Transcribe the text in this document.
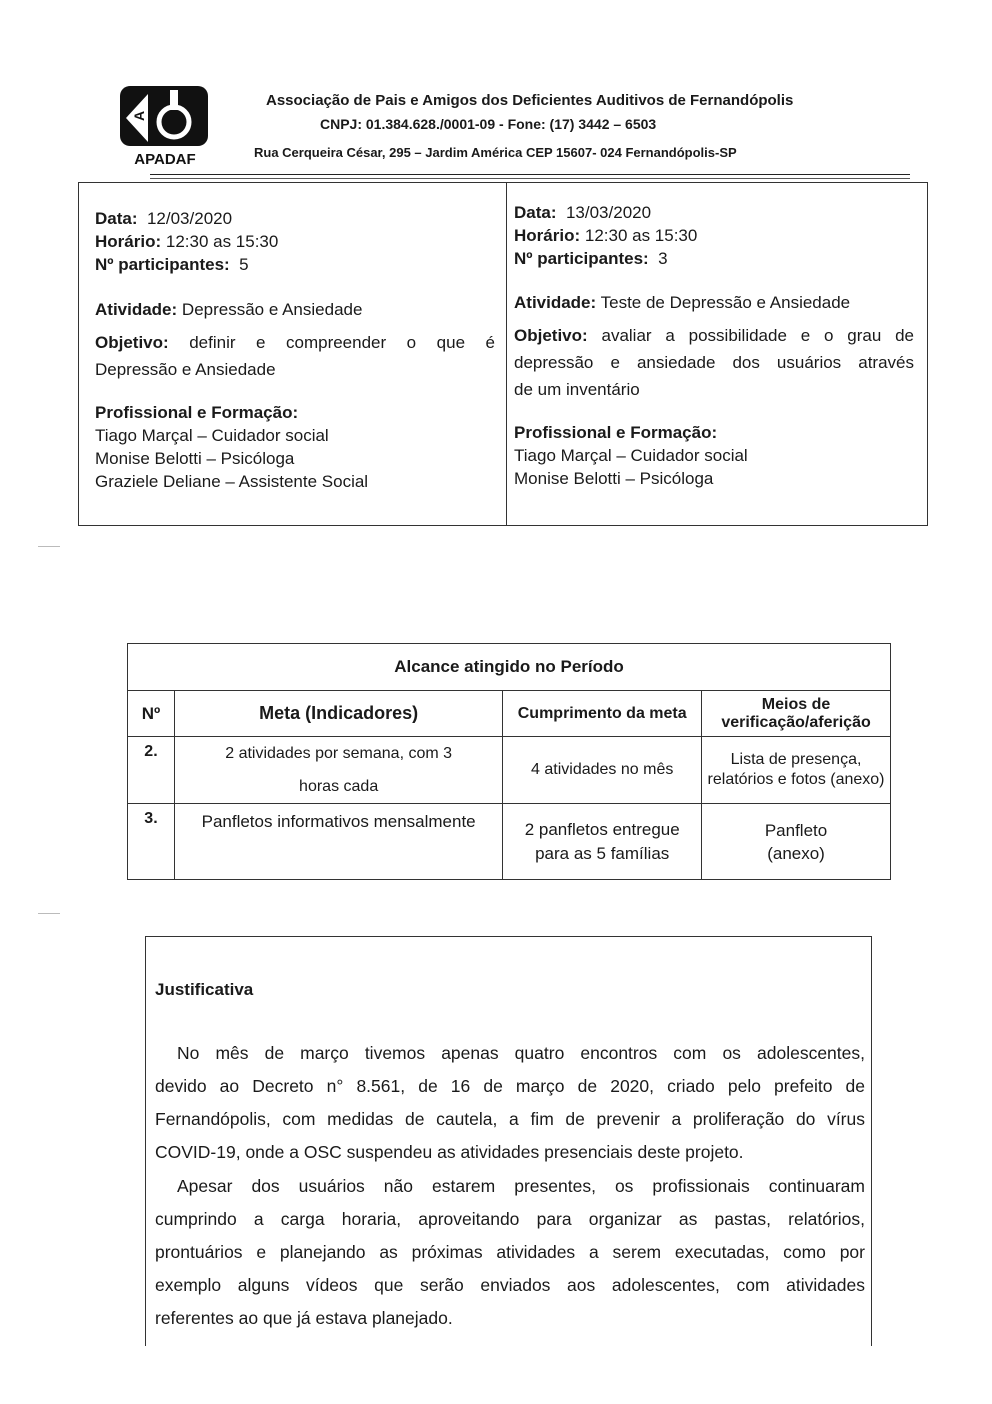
A
APADAF
Associação de Pais e Amigos dos Deficientes Auditivos de Fernandópolis
CNPJ: 01.384.628./0001-09 - Fone: (17) 3442 – 6503
Rua Cerqueira César, 295 – Jardim América CEP 15607- 024 Fernandópolis-SP
Data: 12/03/2020
Horário: 12:30 as 15:30
Nº participantes: 5
Atividade: Depressão e Ansiedade
Objetivo: definir e compreender o que é
Depressão e Ansiedade
Profissional e Formação:
Tiago Marçal – Cuidador social
Monise Belotti – Psicóloga
Graziele Deliane – Assistente Social
Data: 13/03/2020
Horário: 12:30 as 15:30
Nº participantes: 3
Atividade: Teste de Depressão e Ansiedade
Objetivo: avaliar a possibilidade e o grau de
depressão e ansiedade dos usuários através
de um inventário
Profissional e Formação:
Tiago Marçal – Cuidador social
Monise Belotti – Psicóloga
Alcance atingido no Período			
Nº	Meta (Indicadores)	Cumprimento da meta	Meios de verificação/aferição
2.	2 atividades por semana, com 3 horas cada	4 atividades no mês	Lista de presença, relatórios e fotos (anexo)
3.	Panfletos informativos mensalmente	2 panfletos entregue para as 5 famílias	Panfleto (anexo)
Justificativa
No mês de março tivemos apenas quatro encontros com os adolescentes,
devido ao Decreto n° 8.561, de 16 de março de 2020, criado pelo prefeito de
Fernandópolis, com medidas de cautela, a fim de prevenir a proliferação do vírus
COVID-19, onde a OSC suspendeu as atividades presenciais deste projeto.
Apesar dos usuários não estarem presentes, os profissionais continuaram
cumprindo a carga horaria, aproveitando para organizar as pastas, relatórios,
prontuários e planejando as próximas atividades a serem executadas, como por
exemplo alguns vídeos que serão enviados aos adolescentes, com atividades
referentes ao que já estava planejado.
